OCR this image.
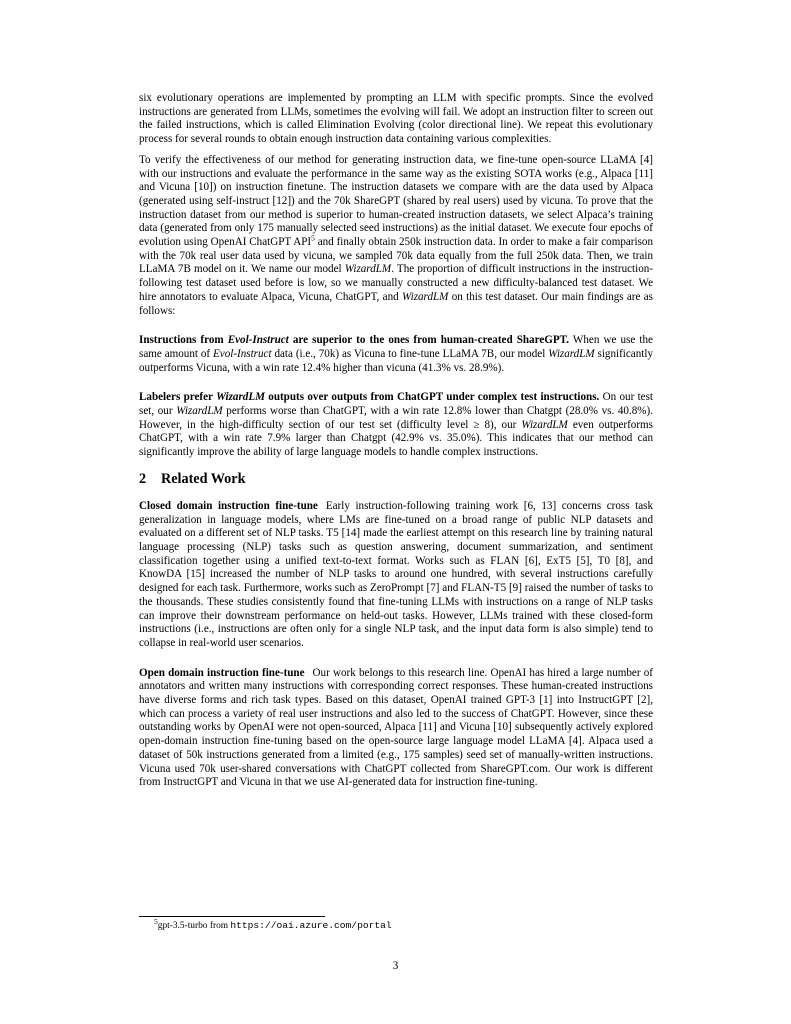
six evolutionary operations are implemented by prompting an LLM with specific prompts. Since the evolved instructions are generated from LLMs, sometimes the evolving will fail. We adopt an instruction filter to screen out the failed instructions, which is called Elimination Evolving (color directional line). We repeat this evolutionary process for several rounds to obtain enough instruction data containing various complexities.

To verify the effectiveness of our method for generating instruction data, we fine-tune open-source LLaMA [4] with our instructions and evaluate the performance in the same way as the existing SOTA works (e.g., Alpaca [11] and Vicuna [10]) on instruction finetune. The instruction datasets we compare with are the data used by Alpaca (generated using self-instruct [12]) and the 70k ShareGPT (shared by real users) used by vicuna. To prove that the instruction dataset from our method is superior to human-created instruction datasets, we select Alpaca’s training data (generated from only 175 manually selected seed instructions) as the initial dataset. We execute four epochs of evolution using OpenAI ChatGPT API$^5$ and finally obtain 250k instruction data. In order to make a fair comparison with the 70k real user data used by vicuna, we sampled 70k data equally from the full 250k data. Then, we train LLaMA 7B model on it. We name our model WizardLM. The proportion of difficult instructions in the instruction-following test dataset used before is low, so we manually constructed a new difficulty-balanced test dataset. We hire annotators to evaluate Alpaca, Vicuna, ChatGPT, and WizardLM on this test dataset. Our main findings are as follows:

Instructions from Evol-Instruct are superior to the ones from human-created ShareGPT. When we use the same amount of Evol-Instruct data (i.e., 70k) as Vicuna to fine-tune LLaMA 7B, our model WizardLM significantly outperforms Vicuna, with a win rate 12.4% higher than vicuna (41.3% vs. 28.9%).

Labelers prefer WizardLM outputs over outputs from ChatGPT under complex test instructions. On our test set, our WizardLM performs worse than ChatGPT, with a win rate 12.8% lower than Chatgpt (28.0% vs. 40.8%). However, in the high-difficulty section of our test set (difficulty level ≥ 8), our WizardLM even outperforms ChatGPT, with a win rate 7.9% larger than Chatgpt (42.9% vs. 35.0%). This indicates that our method can significantly improve the ability of large language models to handle complex instructions.

2 Related Work

Closed domain instruction fine-tune Early instruction-following training work [6, 13] concerns cross task generalization in language models, where LMs are fine-tuned on a broad range of public NLP datasets and evaluated on a different set of NLP tasks. T5 [14] made the earliest attempt on this research line by training natural language processing (NLP) tasks such as question answering, document summarization, and sentiment classification together using a unified text-to-text format. Works such as FLAN [6], ExT5 [5], T0 [8], and KnowDA [15] increased the number of NLP tasks to around one hundred, with several instructions carefully designed for each task. Furthermore, works such as ZeroPrompt [7] and FLAN-T5 [9] raised the number of tasks to the thousands. These studies consistently found that fine-tuning LLMs with instructions on a range of NLP tasks can improve their downstream performance on held-out tasks. However, LLMs trained with these closed-form instructions (i.e., instructions are often only for a single NLP task, and the input data form is also simple) tend to collapse in real-world user scenarios.

Open domain instruction fine-tune Our work belongs to this research line. OpenAI has hired a large number of annotators and written many instructions with corresponding correct responses. These human-created instructions have diverse forms and rich task types. Based on this dataset, OpenAI trained GPT-3 [1] into InstructGPT [2], which can process a variety of real user instructions and also led to the success of ChatGPT. However, since these outstanding works by OpenAI were not open-sourced, Alpaca [11] and Vicuna [10] subsequently actively explored open-domain instruction fine-tuning based on the open-source large language model LLaMA [4]. Alpaca used a dataset of 50k instructions generated from a limited (e.g., 175 samples) seed set of manually-written instructions. Vicuna used 70k user-shared conversations with ChatGPT collected from ShareGPT.com. Our work is different from InstructGPT and Vicuna in that we use AI-generated data for instruction fine-tuning.

$^5$gpt-3.5-turbo from https://oai.azure.com/portal
3
